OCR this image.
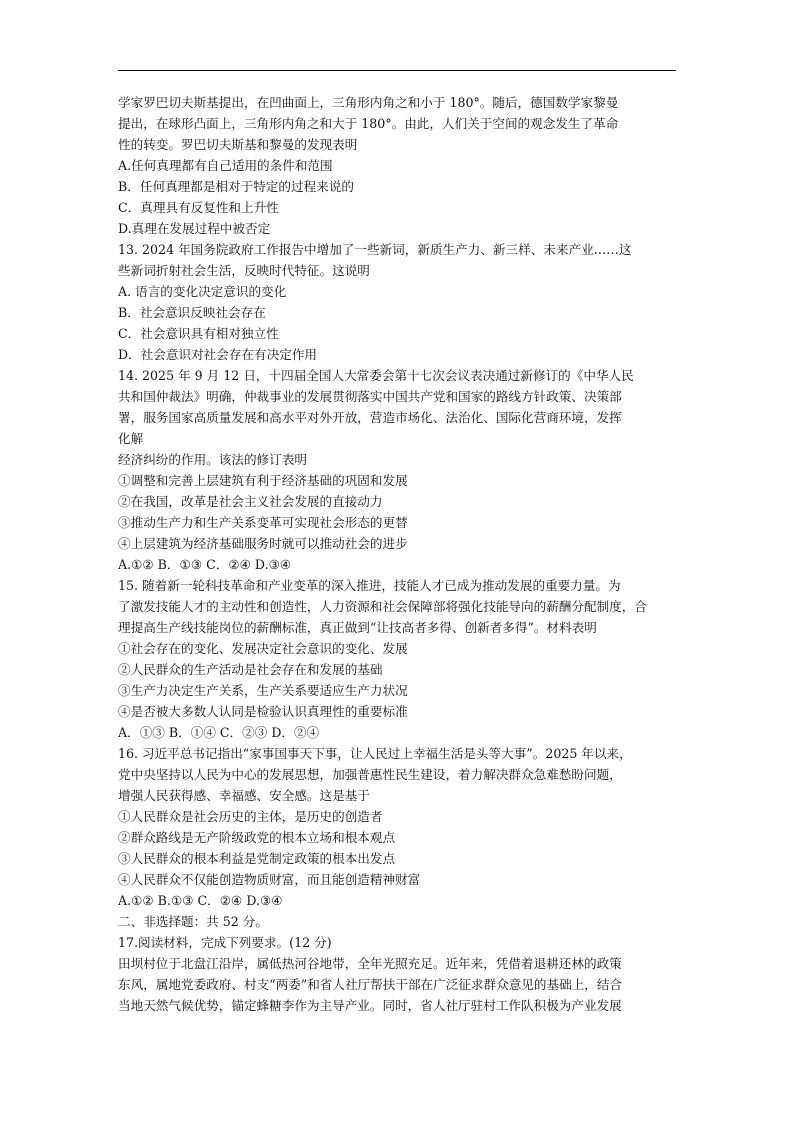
学家罗巴切夫斯基提出，在凹曲面上，三角形内角之和小于 180°。随后，德国数学家黎曼
提出，在球形凸面上，三角形内角之和大于 180°。由此，人们关于空间的观念发生了革命
性的转变。罗巴切夫斯基和黎曼的发现表明
A.任何真理都有自己适用的条件和范围
B．任何真理都是相对于特定的过程来说的
C．真理具有反复性和上升性
D.真理在发展过程中被否定
13. 2024 年国务院政府工作报告中增加了一些新词，新质生产力、新三样、未来产业……这
些新词折射社会生活，反映时代特征。这说明
A. 语言的变化决定意识的变化
B．社会意识反映社会存在
C．社会意识具有相对独立性
D．社会意识对社会存在有决定作用
14. 2025 年 9 月 12 日，十四届全国人大常委会第十七次会议表决通过新修订的《中华人民
共和国仲裁法》明确，仲裁事业的发展贯彻落实中国共产党和国家的路线方针政策、决策部
署，服务国家高质量发展和高水平对外开放，营造市场化、法治化、国际化营商环境，发挥
化解
经济纠纷的作用。该法的修订表明
①调整和完善上层建筑有利于经济基础的巩固和发展
②在我国，改革是社会主义社会发展的直接动力
③推动生产力和生产关系变革可实现社会形态的更替
④上层建筑为经济基础服务时就可以推动社会的进步
A.①② B．①③ C．②④ D.③④
15. 随着新一轮科技革命和产业变革的深入推进，技能人才已成为推动发展的重要力量。为
了激发技能人才的主动性和创造性，人力资源和社会保障部将强化技能导向的薪酬分配制度，合
理提高生产线技能岗位的薪酬标准，真正做到“让技高者多得、创新者多得”。材料表明
①社会存在的变化、发展决定社会意识的变化、发展
②人民群众的生产活动是社会存在和发展的基础
③生产力决定生产关系，生产关系要适应生产力状况
④是否被大多数人认同是检验认识真理性的重要标准
A．①③ B．①④ C．②③ D．②④
16. 习近平总书记指出“家事国事天下事，让人民过上幸福生活是头等大事”。2025 年以来，
党中央坚持以人民为中心的发展思想，加强普惠性民生建设，着力解决群众急难愁盼问题，
增强人民获得感、幸福感、安全感。这是基于
①人民群众是社会历史的主体，是历史的创造者
②群众路线是无产阶级政党的根本立场和根本观点
③人民群众的根本利益是党制定政策的根本出发点
④人民群众不仅能创造物质财富，而且能创造精神财富
A.①② B.①③ C．②④ D.③④
二、非选择题：共 52 分。
17.阅读材料，完成下列要求。(12 分)
田坝村位于北盘江沿岸，属低热河谷地带，全年光照充足。近年来，凭借着退耕还林的政策
东风，属地党委政府、村支“两委”和省人社厅帮扶干部在广泛征求群众意见的基础上，结合
当地天然气候优势，锚定蜂糖李作为主导产业。同时，省人社厅驻村工作队积极为产业发展
